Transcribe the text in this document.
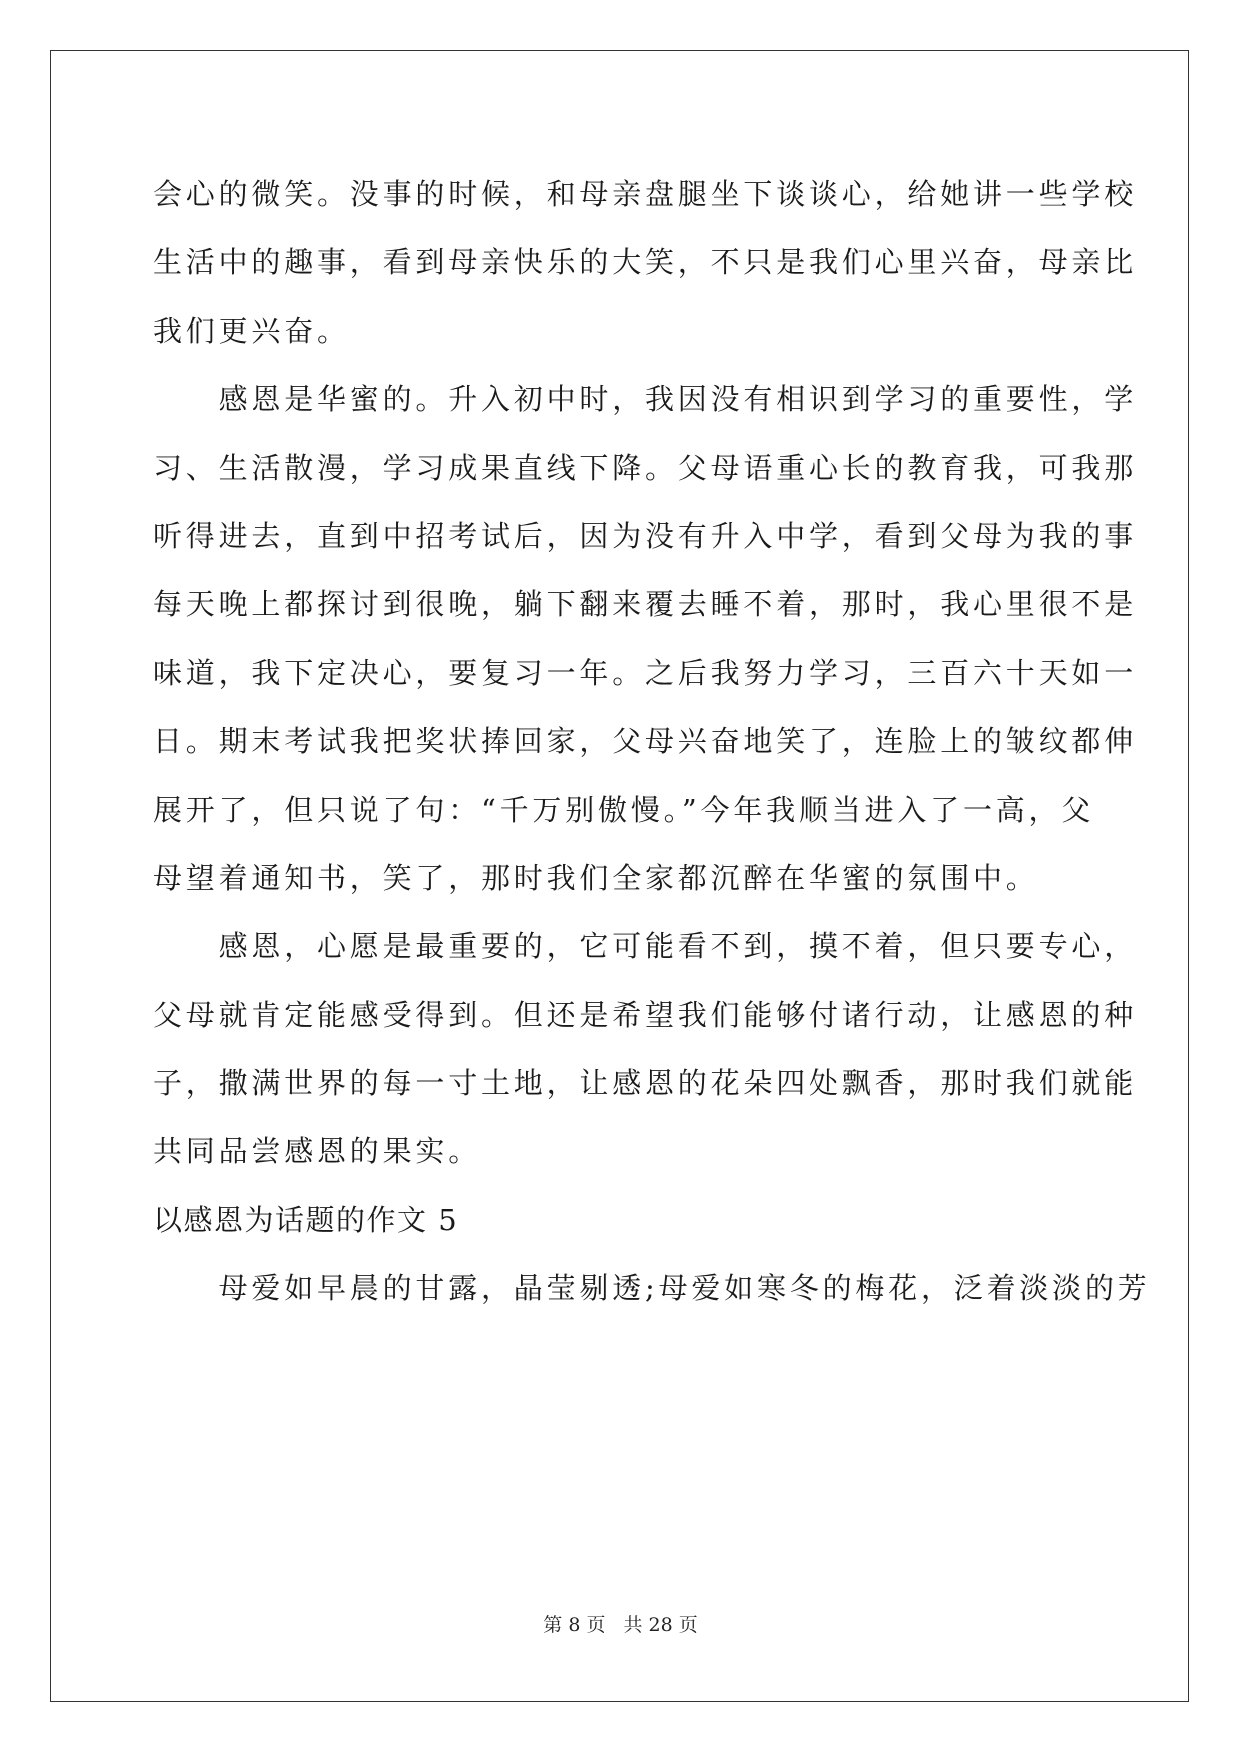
会心的微笑。没事的时候，和母亲盘腿坐下谈谈心，给她讲一些学校
生活中的趣事，看到母亲快乐的大笑，不只是我们心里兴奋，母亲比
我们更兴奋。
　　感恩是华蜜的。升入初中时，我因没有相识到学习的重要性，学
习、生活散漫，学习成果直线下降。父母语重心长的教育我，可我那
听得进去，直到中招考试后，因为没有升入中学，看到父母为我的事
每天晚上都探讨到很晚，躺下翻来覆去睡不着，那时，我心里很不是
味道，我下定决心，要复习一年。之后我努力学习，三百六十天如一
日。期末考试我把奖状捧回家，父母兴奋地笑了，连脸上的皱纹都伸
展开了，但只说了句：“千万别傲慢。”今年我顺当进入了一高，父
母望着通知书，笑了，那时我们全家都沉醉在华蜜的氛围中。
　　感恩，心愿是最重要的，它可能看不到，摸不着，但只要专心，
父母就肯定能感受得到。但还是希望我们能够付诸行动，让感恩的种
子，撒满世界的每一寸土地，让感恩的花朵四处飘香，那时我们就能
共同品尝感恩的果实。
以感恩为话题的作文 5
　　母爱如早晨的甘露，晶莹剔透;母爱如寒冬的梅花，泛着淡淡的芳
第 8 页 共 28 页
